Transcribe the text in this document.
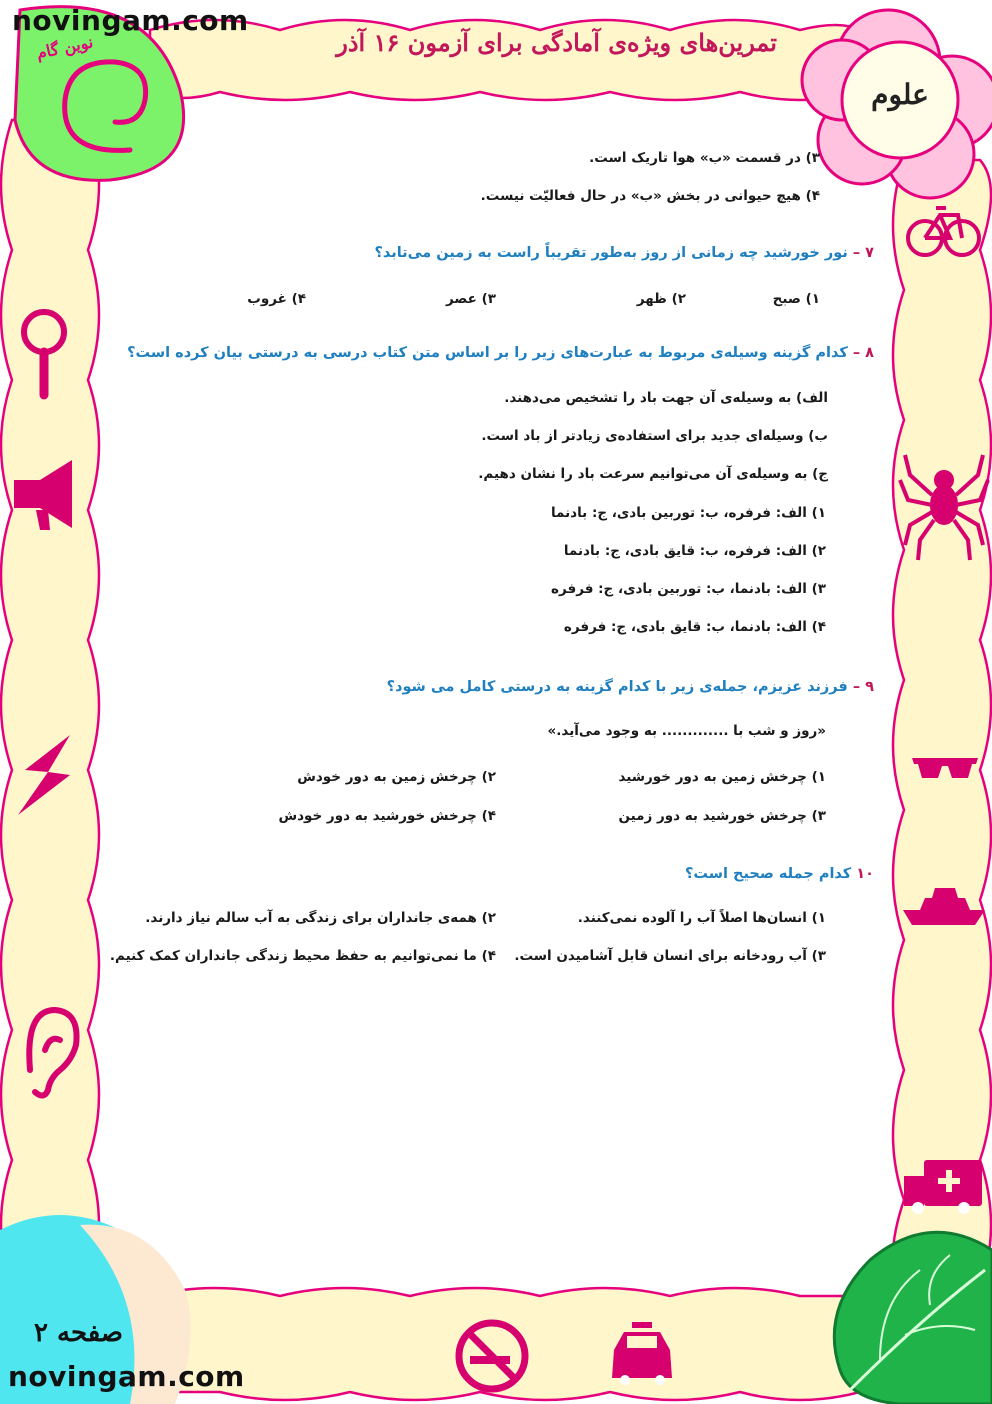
novingam.com
نوین گام	تمرین‌های ویژه‌ی آمادگی برای آزمون ۱۶ آذر
علوم
۳) در قسمت «ب» هوا تاریک است.
۴) هیچ حیوانی در بخش «ب» در حال فعالیّت نیست.
۷ – نور خورشید چه زمانی از روز به‌طور تقریباً راست به زمین می‌تابد؟
۱) صبح
۲) ظهر
۳) عصر
۴) غروب
۸ – کدام گزینه وسیله‌ی مربوط به عبارت‌های زیر را بر اساس متن کتاب درسی به درستی بیان کرده است؟
الف) به وسیله‌ی آن جهت باد را تشخیص می‌دهند.
ب) وسیله‌ای جدید برای استفاده‌ی زیادتر از باد است.
ج) به وسیله‌ی آن می‌توانیم سرعت باد را نشان دهیم.
۱) الف: فرفره، ب: توربین بادی، ج: بادنما
۲) الف: فرفره، ب: قایق بادی، ج: بادنما
۳) الف: بادنما، ب: توربین بادی، ج: فرفره
۴) الف: بادنما، ب: قایق بادی، ج: فرفره
۹ – فرزند عزیزم، جمله‌ی زیر با کدام گزینه به درستی کامل می شود؟
«روز و شب با ............. به وجود می‌آید.»
۱) چرخش زمین به دور خورشید
۲) چرخش زمین به دور خودش
۳) چرخش خورشید به دور زمین
۴) چرخش خورشید به دور خودش
۱۰ کدام جمله صحیح است؟
۱) انسان‌ها اصلاً آب را آلوده نمی‌کنند.
۲) همه‌ی جانداران برای زندگی به آب سالم نیاز دارند.
۳) آب رودخانه برای انسان قابل آشامیدن است.
۴) ما نمی‌توانیم به حفظ محیط زندگی جانداران کمک کنیم.
صفحه ۲
novingam.com
